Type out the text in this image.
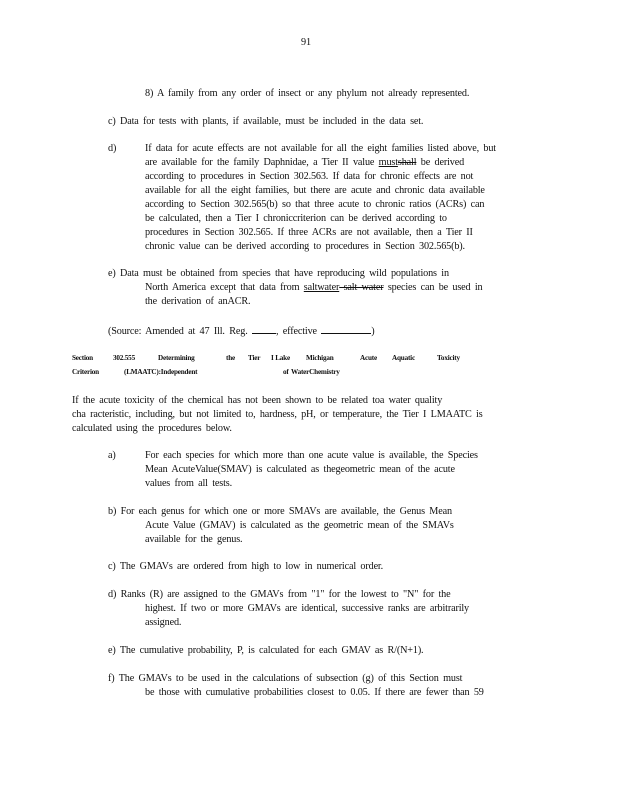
91
8) A family from any order of insect or any phylum not already represented.
c) Data for tests with plants, if available, must be included in the data set.
d)	If data for acute effects are not available for all the eight families listed above, but
are available for the family Daphnidae, a Tier II value mustshall be derived
according to procedures in Section 302.563. If data for chronic effects are not
available for all the eight families, but there are acute and chronic data available
according to Section 302.565(b) so that three acute to chronic ratios (ACRs) can
be calculated, then a Tier I chroniccriterion can be derived according to
procedures in Section 302.565. If three ACRs are not available, then a Tier II
chronic value can be derived according to procedures in Section 302.565(b).
e) Data must be obtained from species that have reproducing wild populations in
North America except that data from saltwater salt water species can be used in
the derivation of anACR.
(Source: Amended at 47 Ill. Reg.	, effective	)
Section	302.555	Determining	the Tier I Lake Michigan	Acute Aquatic	Toxicity
Criterion	(LMAATC):Independent	of WaterChemistry
If the acute toxicity of the chemical has not been shown to be related toa water quality
cha racteristic, including, but not limited to, hardness, pH, or temperature, the Tier I LMAATC is
calculated using the procedures below.
a)	For each species for which more than one acute value is available, the Species
Mean AcuteValue(SMAV) is calculated as thegeometric mean of the acute
values from all tests.
b) For each genus for which one or more SMAVs are available, the Genus Mean
Acute Value (GMAV) is calculated as the geometric mean of the SMAVs
available for the genus.
c) The GMAVs are ordered from high to low in numerical order.
d) Ranks (R) are assigned to the GMAVs from "1" for the lowest to "N" for the
highest. If two or more GMAVs are identical, successive ranks are arbitrarily
assigned.
e) The cumulative probability, P, is calculated for each GMAV as R/(N+1).
f) The GMAVs to be used in the calculations of subsection (g) of this Section must
be those with cumulative probabilities closest to 0.05. If there are fewer than 59
